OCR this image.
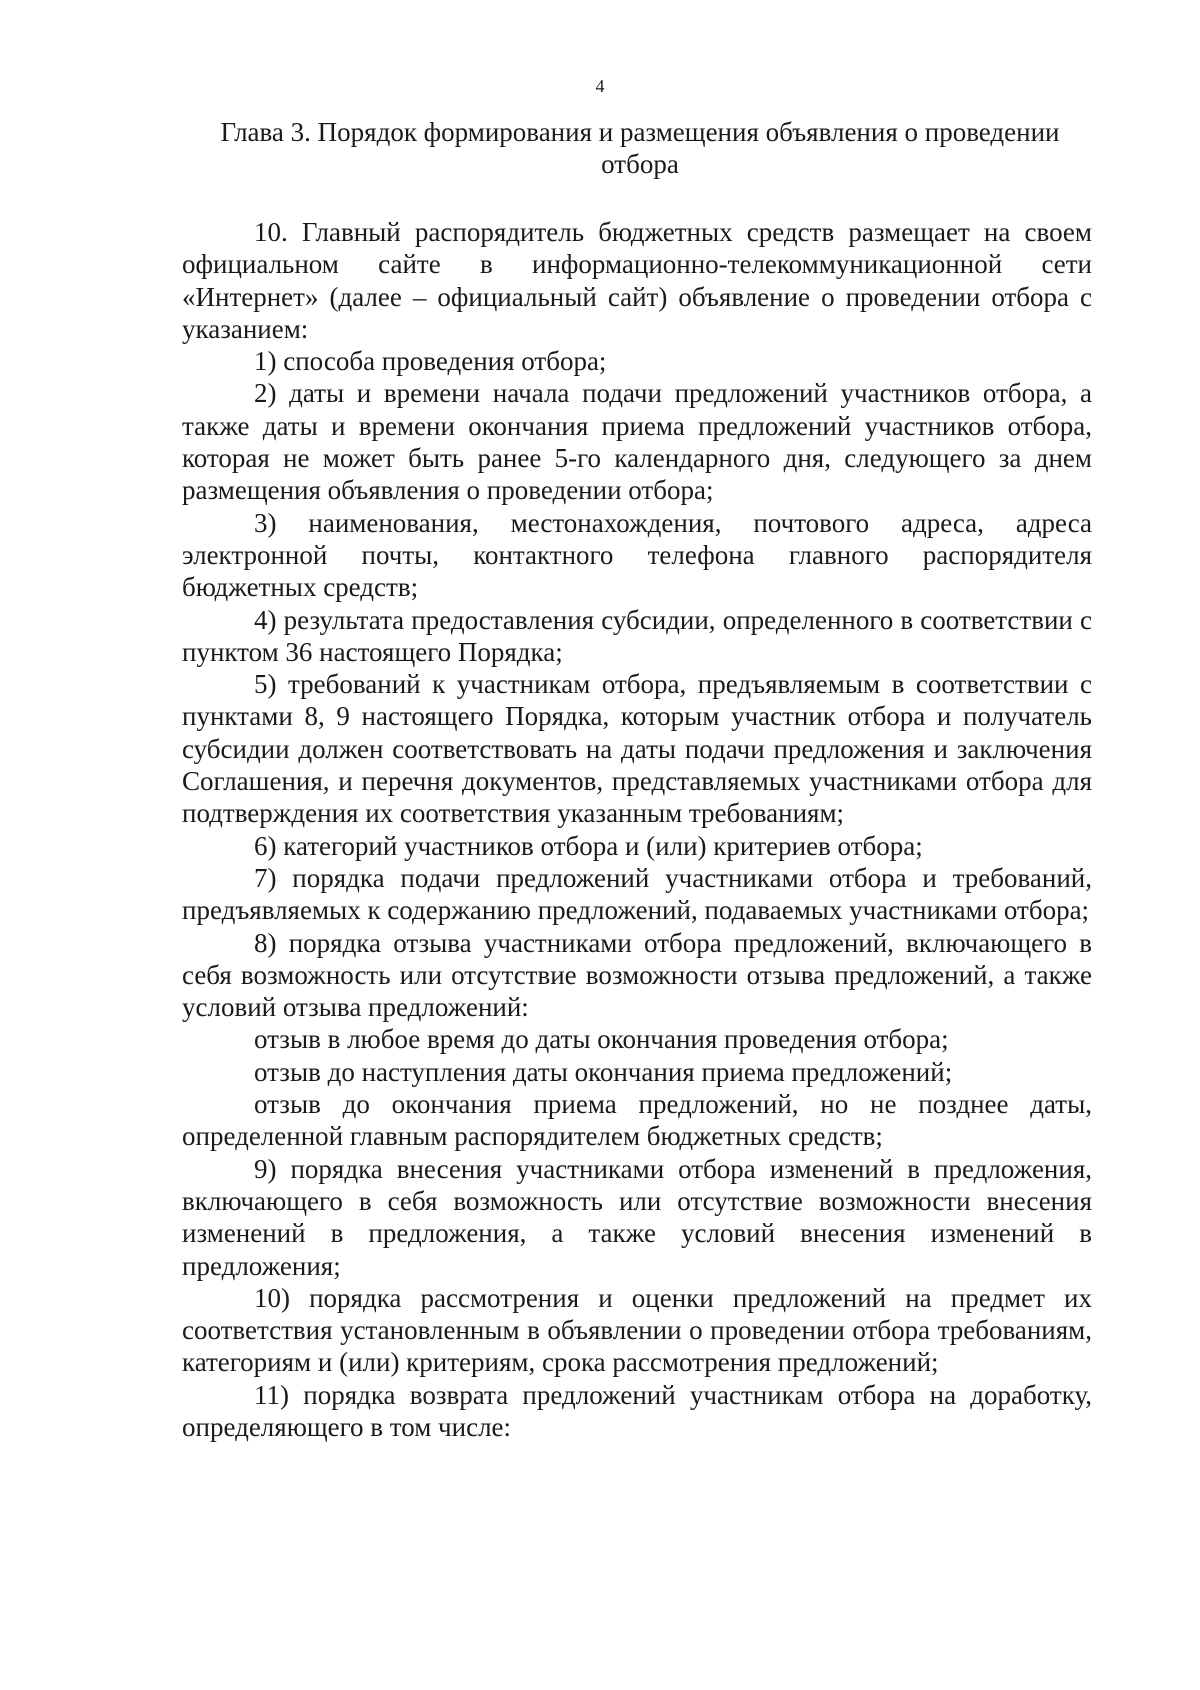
4
Глава 3. Порядок формирования и размещения объявления о проведении отбора

10. Главный распорядитель бюджетных средств размещает на своем официальном сайте в информационно-телекоммуникационной сети «Интернет» (далее – официальный сайт) объявление о проведении отбора с указанием:

1) способа проведения отбора;

2) даты и времени начала подачи предложений участников отбора, а также даты и времени окончания приема предложений участников отбора, которая не может быть ранее 5-го календарного дня, следующего за днем размещения объявления о проведении отбора;

3) наименования, местонахождения, почтового адреса, адреса электронной почты, контактного телефона главного распорядителя бюджетных средств;

4) результата предоставления субсидии, определенного в соответствии с пунктом 36 настоящего Порядка;

5) требований к участникам отбора, предъявляемым в соответствии с пунктами 8, 9 настоящего Порядка, которым участник отбора и получатель субсидии должен соответствовать на даты подачи предложения и заключения Соглашения, и перечня документов, представляемых участниками отбора для подтверждения их соответствия указанным требованиям;

6) категорий участников отбора и (или) критериев отбора;

7) порядка подачи предложений участниками отбора и требований, предъявляемых к содержанию предложений, подаваемых участниками отбора;

8) порядка отзыва участниками отбора предложений, включающего в себя возможность или отсутствие возможности отзыва предложений, а также условий отзыва предложений:

отзыв в любое время до даты окончания проведения отбора;

отзыв до наступления даты окончания приема предложений;

отзыв до окончания приема предложений, но не позднее даты, определенной главным распорядителем бюджетных средств;

9) порядка внесения участниками отбора изменений в предложения, включающего в себя возможность или отсутствие возможности внесения изменений в предложения, а также условий внесения изменений в предложения;

10) порядка рассмотрения и оценки предложений на предмет их соответствия установленным в объявлении о проведении отбора требованиям, категориям и (или) критериям, срока рассмотрения предложений;

11) порядка возврата предложений участникам отбора на доработку, определяющего в том числе:
